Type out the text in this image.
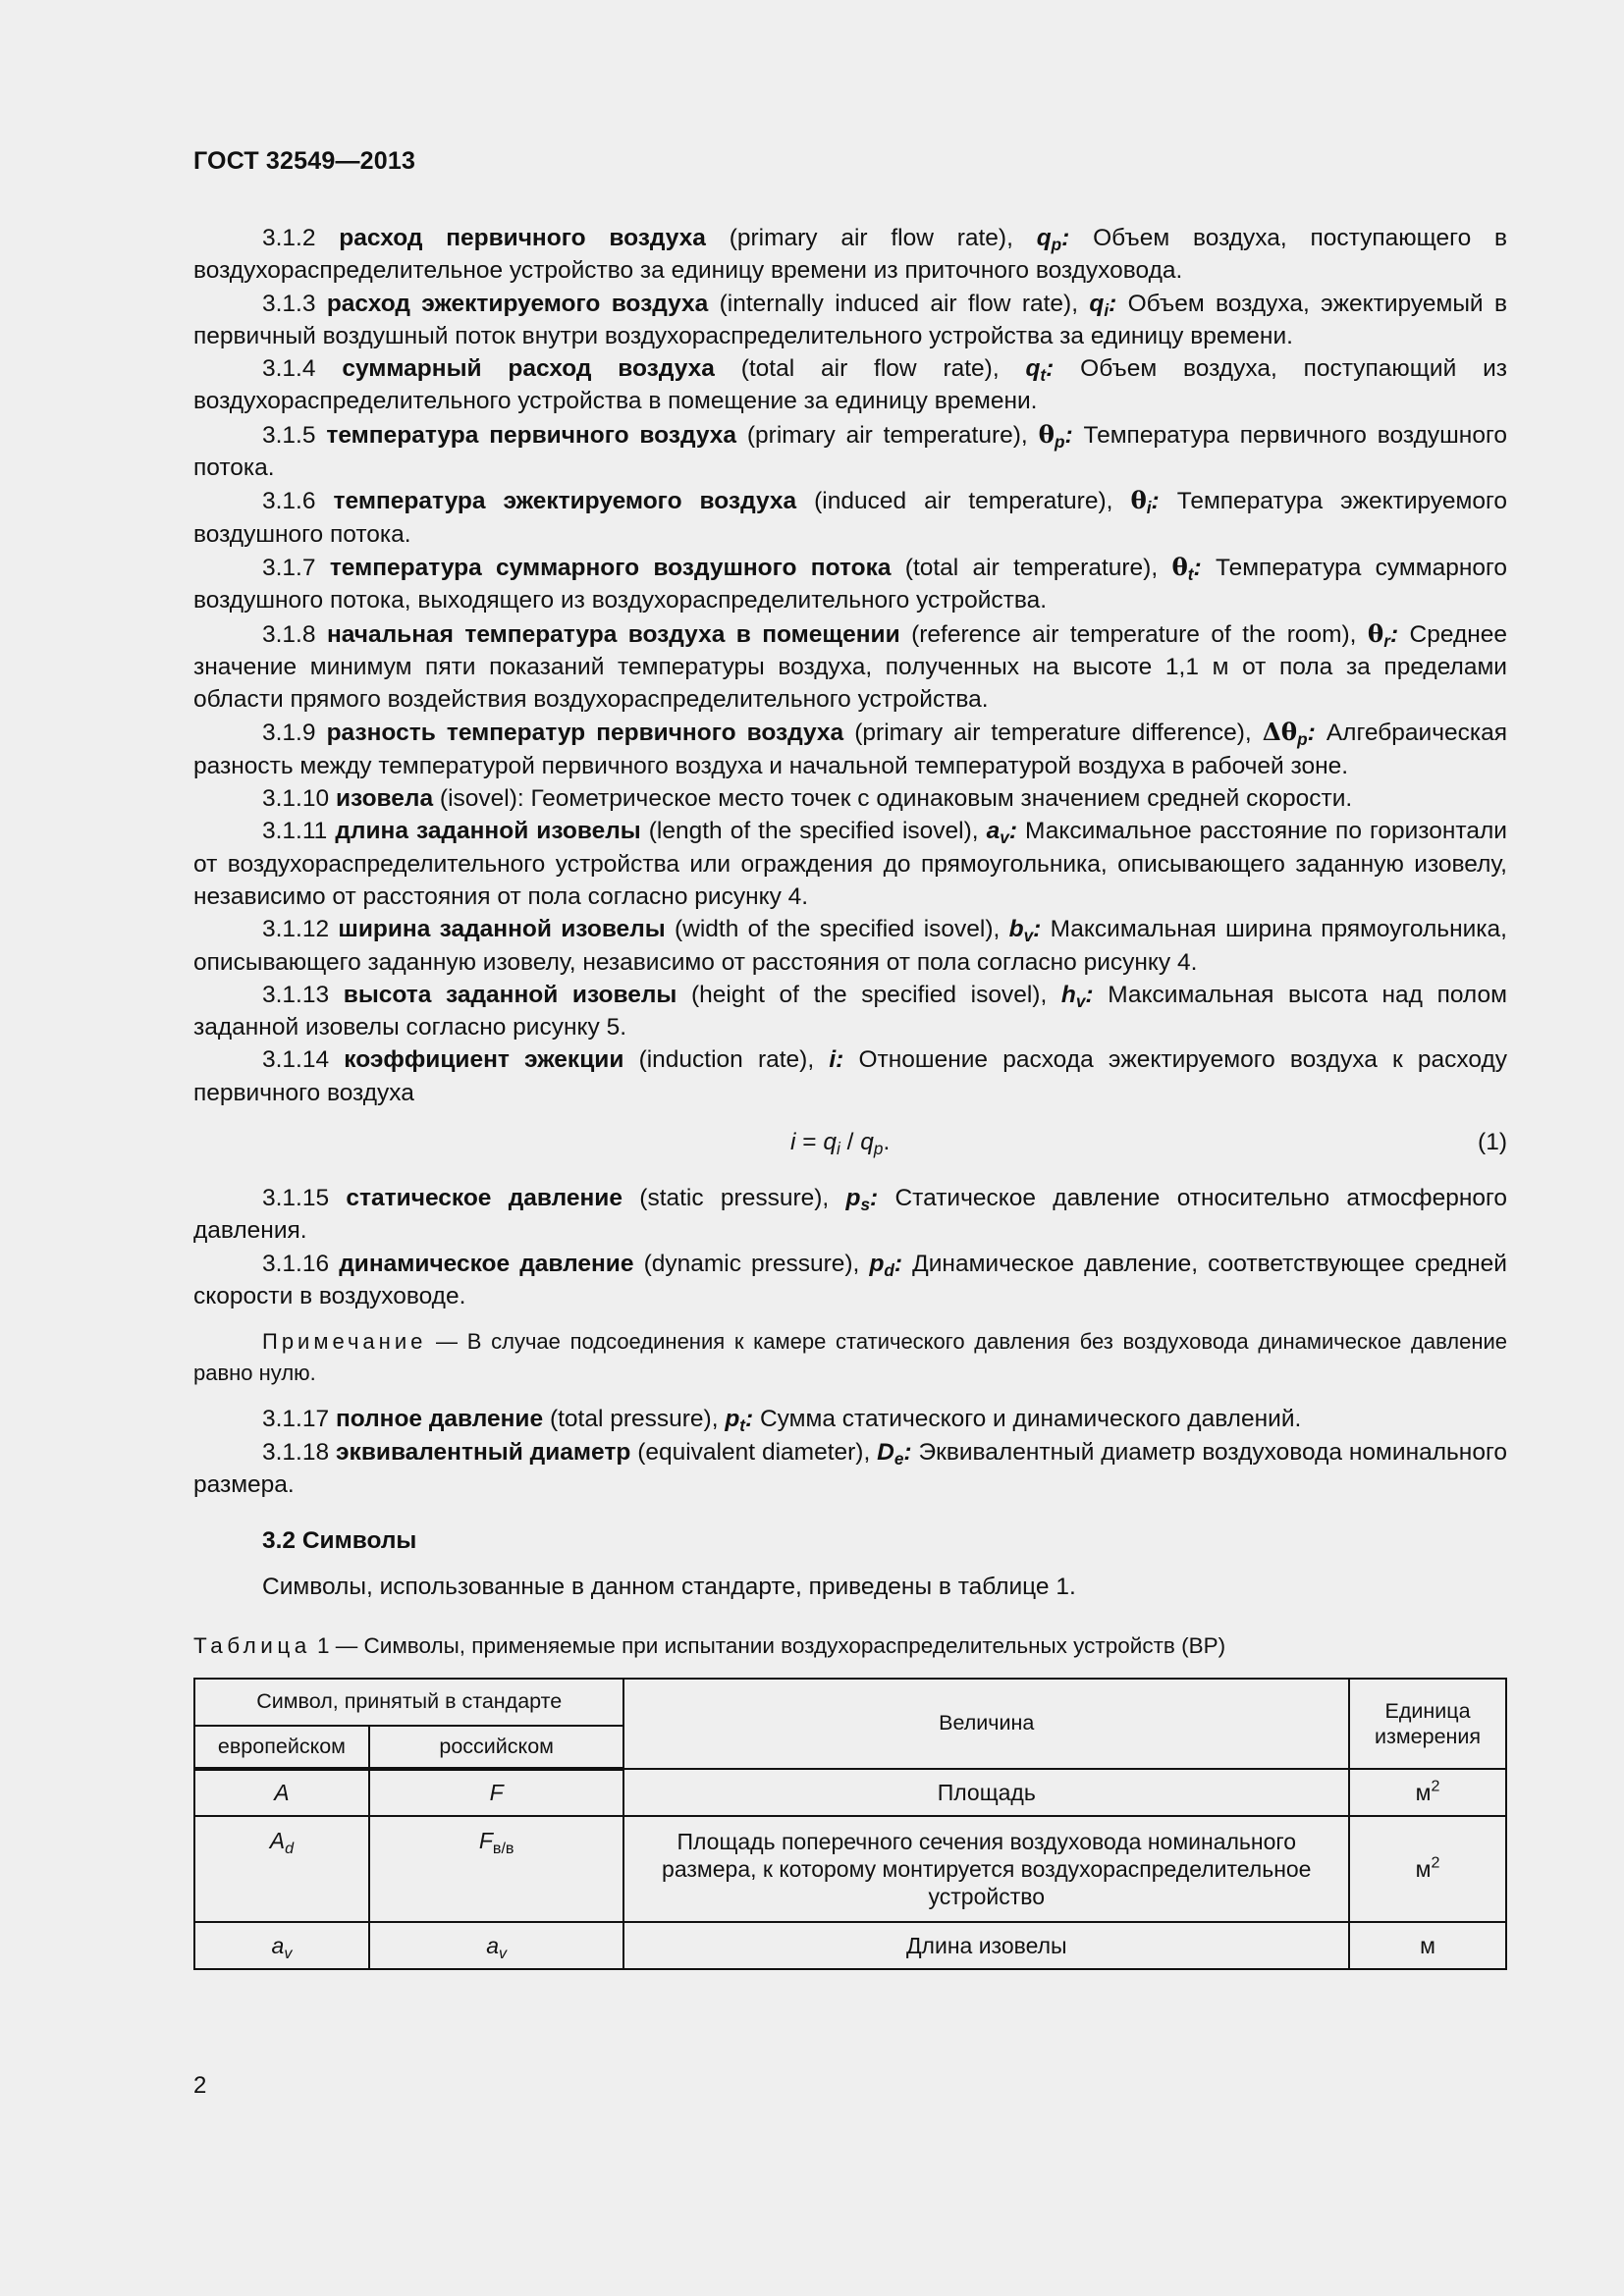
ГОСТ 32549—2013

3.1.2 расход первичного воздуха (primary air flow rate), $q_p$: Объем воздуха, поступающего в воздухораспределительное устройство за единицу времени из приточного воздуховода.

3.1.3 расход эжектируемого воздуха (internally induced air flow rate), $q_i$: Объем воздуха, эжектируемый в первичный воздушный поток внутри воздухораспределительного устройства за единицу времени.

3.1.4 суммарный расход воздуха (total air flow rate), $q_t$: Объем воздуха, поступающий из воздухораспределительного устройства в помещение за единицу времени.

3.1.5 температура первичного воздуха (primary air temperature), $\theta_p$: Температура первичного воздушного потока.

3.1.6 температура эжектируемого воздуха (induced air temperature), $\theta_i$: Температура эжектируемого воздушного потока.

3.1.7 температура суммарного воздушного потока (total air temperature), $\theta_t$: Температура суммарного воздушного потока, выходящего из воздухораспределительного устройства.

3.1.8 начальная температура воздуха в помещении (reference air temperature of the room), $\theta_r$: Среднее значение минимум пяти показаний температуры воздуха, полученных на высоте 1,1 м от пола за пределами области прямого воздействия воздухораспределительного устройства.

3.1.9 разность температур первичного воздуха (primary air temperature difference), $\Delta\theta_p$: Алгебраическая разность между температурой первичного воздуха и начальной температурой воздуха в рабочей зоне.

3.1.10 изовела (isovel): Геометрическое место точек с одинаковым значением средней скорости.

3.1.11 длина заданной изовелы (length of the specified isovel), $a_v$: Максимальное расстояние по горизонтали от воздухораспределительного устройства или ограждения до прямоугольника, описывающего заданную изовелу, независимо от расстояния от пола согласно рисунку 4.

3.1.12 ширина заданной изовелы (width of the specified isovel), $b_v$: Максимальная ширина прямоугольника, описывающего заданную изовелу, независимо от расстояния от пола согласно рисунку 4.

3.1.13 высота заданной изовелы (height of the specified isovel), $h_v$: Максимальная высота над полом заданной изовелы согласно рисунку 5.

3.1.14 коэффициент эжекции (induction rate), i: Отношение расхода эжектируемого воздуха к расходу первичного воздуха

$i = q_i / q_p$.	(1)

3.1.15 статическое давление (static pressure), $p_s$: Статическое давление относительно атмосферного давления.

3.1.16 динамическое давление (dynamic pressure), $p_d$: Динамическое давление, соответствующее средней скорости в воздуховоде.

Примечание — В случае подсоединения к камере статического давления без воздуховода динамическое давление равно нулю.

3.1.17 полное давление (total pressure), $p_t$: Сумма статического и динамического давлений.

3.1.18 эквивалентный диаметр (equivalent diameter), $D_e$: Эквивалентный диаметр воздуховода номинального размера.

3.2 Символы
Символы, использованные в данном стандарте, приведены в таблице 1.
Таблица 1 — Символы, применяемые при испытании воздухораспределительных устройств (ВР)
Символ, принятый в стандарте		Величина	Единица измерения
европейском	российском		
A	F	Площадь	$м^2$
$A_d$	$F_{в/в}$	Площадь поперечного сечения воздуховода номинального размера, к которому монтируется воздухораспределительное устройство	$м^2$
$a_v$	$a_v$	Длина изовелы	м
2
